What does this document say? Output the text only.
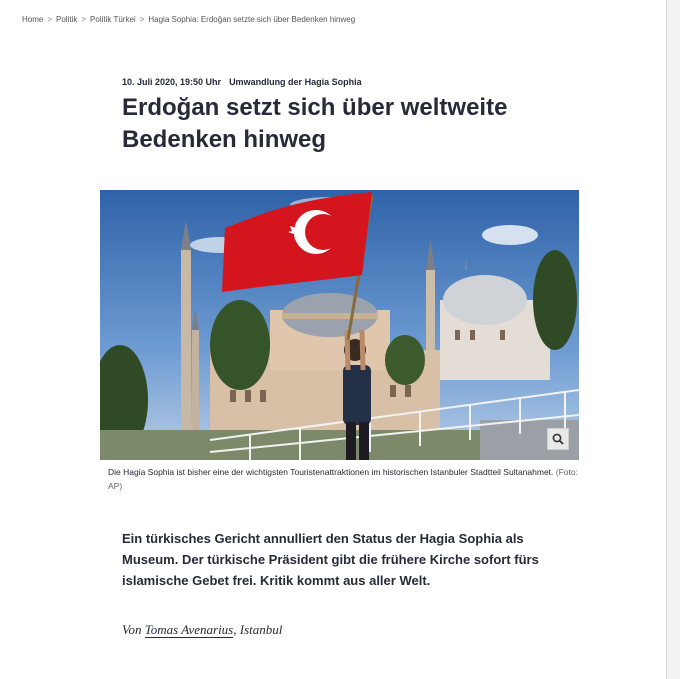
Home > Politik > Politik Türkei > Hagia Sophia: Erdoğan setzte sich über Bedenken hinweg
10. Juli 2020, 19:50 Uhr Umwandlung der Hagia Sophia
Erdoğan setzt sich über weltweite Bedenken hinweg
Die Hagia Sophia ist bisher eine der wichtigsten Touristenattraktionen im historischen Istanbuler Stadtteil Sultanahmet. (Foto: AP)

Ein türkisches Gericht annulliert den Status der Hagia Sophia als Museum. Der türkische Präsident gibt die frühere Kirche sofort fürs islamische Gebet frei. Kritik kommt aus aller Welt.

Von Tomas Avenarius, Istanbul
